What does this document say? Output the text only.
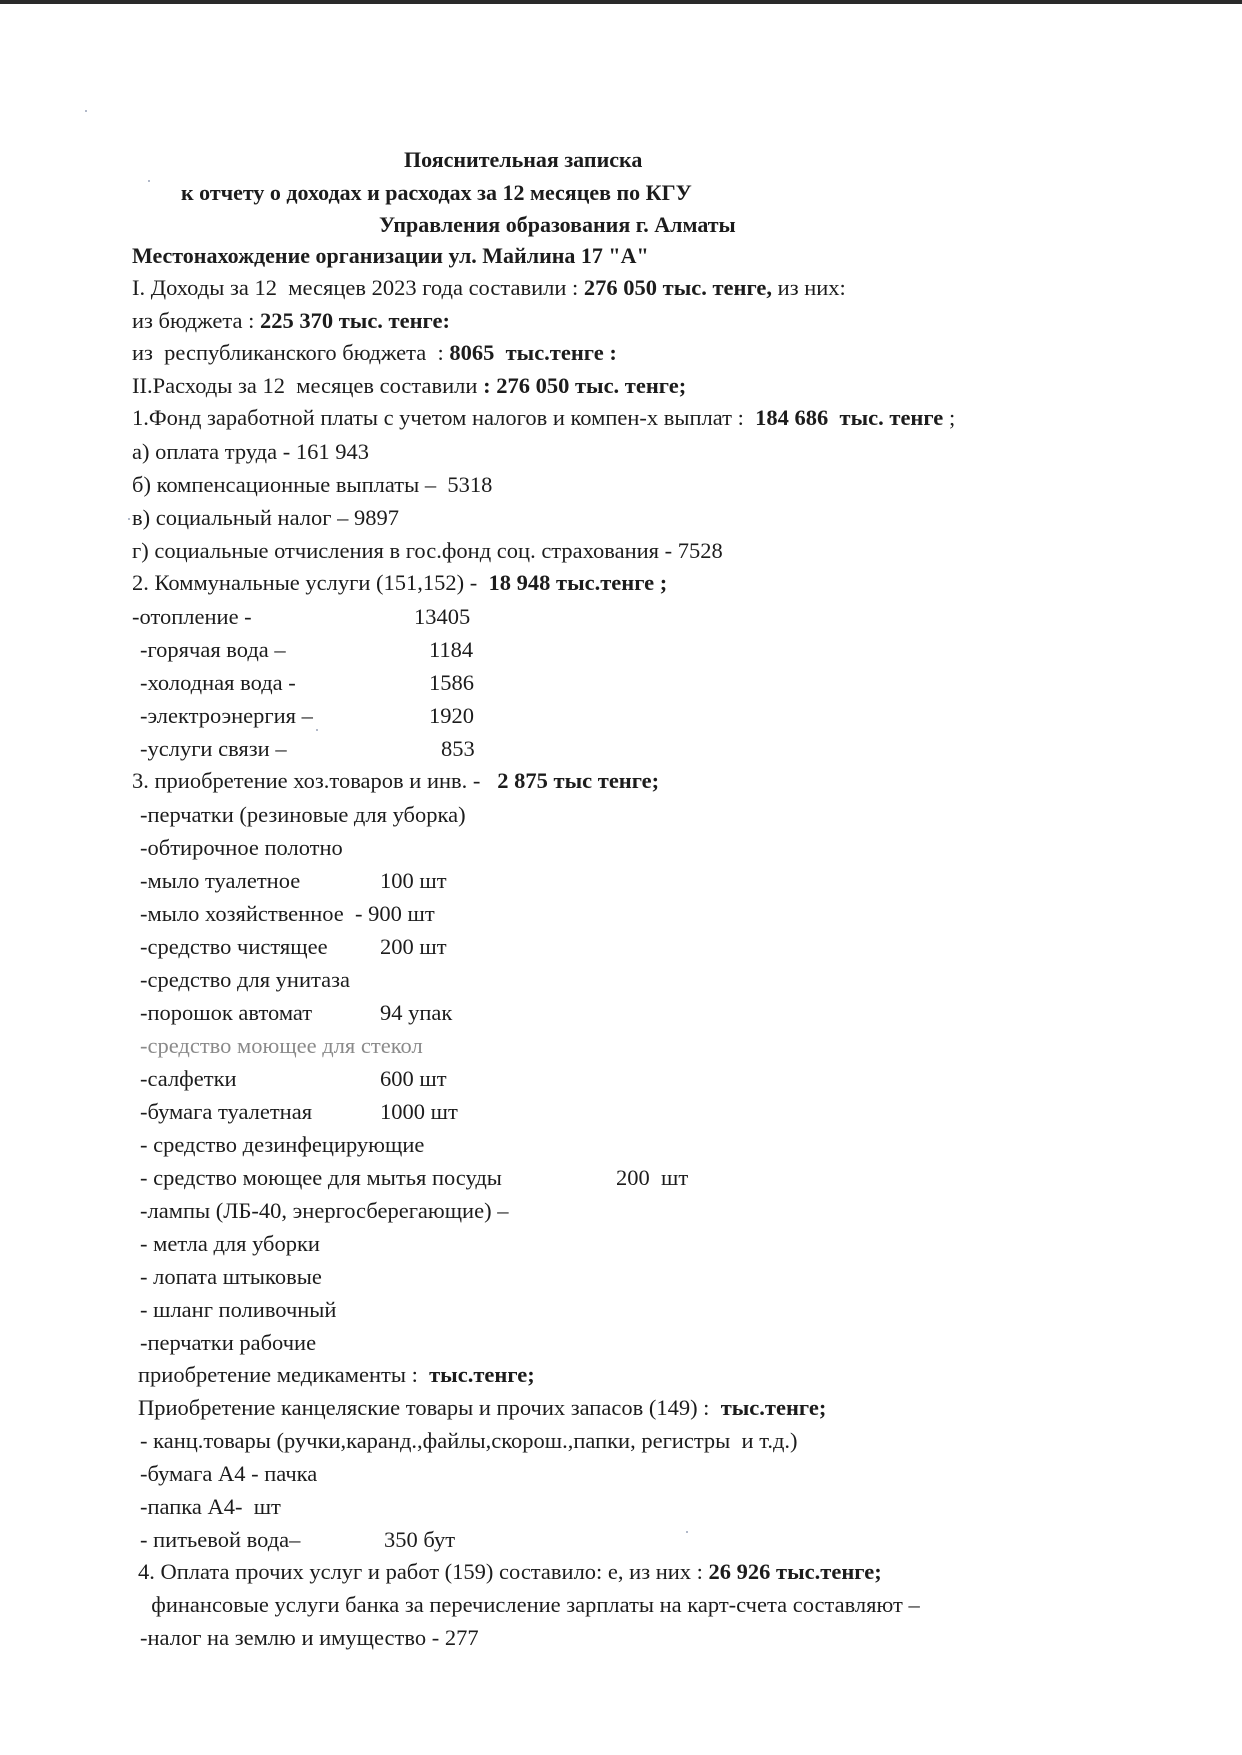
Пояснительная записка
к отчету о доходах и расходах за 12 месяцев по КГУ
Управления образования г. Алматы
Местонахождение организации ул. Майлина 17 "А"
I. Доходы за 12  месяцев 2023 года составили : 276 050 тыс. тенге, из них:
из бюджета : 225 370 тыс. тенге:
из  республиканского бюджета  : 8065  тыс.тенге :
II.Расходы за 12  месяцев составили : 276 050 тыс. тенге;
1.Фонд заработной платы с учетом налогов и компен-х выплат :  184 686  тыс. тенге ;
а) оплата труда - 161 943
б) компенсационные выплаты –  5318
в) социальный налог – 9897
г) социальные отчисления в гос.фонд соц. страхования - 7528
2. Коммунальные услуги (151,152) -  18 948 тыс.тенге ;
-отопление -	13405
-горячая вода –	1184
-холодная вода -	1586
-электроэнергия –	1920
-услуги связи –	853
3. приобретение хоз.товаров и инв. -   2 875 тыс тенге;
-перчатки (резиновые для уборка)
-обтирочное полотно
-мыло туалетное	100 шт
-мыло хозяйственное  - 900 шт
-средство чистящее 200 шт
-средство для унитаза
-порошок автомат	94 упак
-средство моющее для стекол
-салфетки	600 шт
-бумага туалетная	1000 шт
- средство дезинфецирующие
- средство моющее для мытья посуды	200  шт
-лампы (ЛБ-40, энергосберегающие) –
- метла для уборки
- лопата штыковые
- шланг поливочный
-перчатки рабочие
приобретение медикаменты :  тыс.тенге;
Приобретение канцеляские товары и прочих запасов (149) :  тыс.тенге;
- канц.товары (ручки,каранд.,файлы,скорош.,папки, регистры  и т.д.)
-бумага А4 - пачка
-папка А4-  шт
- питьевой вода–	350 бут
4. Оплата прочих услуг и работ (159) составило: е, из них : 26 926 тыс.тенге;
финансовые услуги банка за перечисление зарплаты на карт-счета составляют –
-налог на землю и имущество - 277
